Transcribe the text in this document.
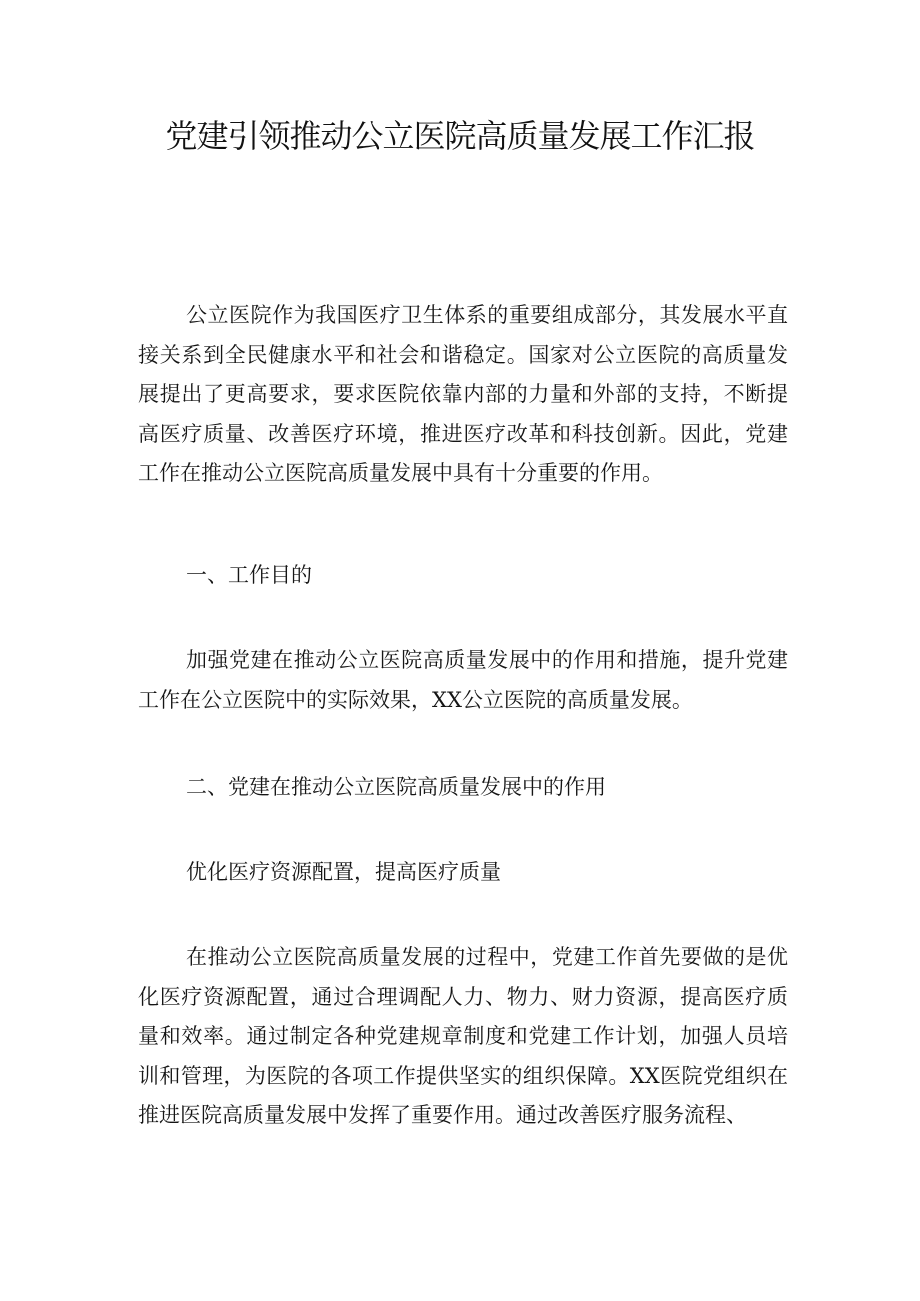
党建引领推动公立医院高质量发展工作汇报
公立医院作为我国医疗卫生体系的重要组成部分，其发展水平直接关系到全民健康水平和社会和谐稳定。国家对公立医院的高质量发展提出了更高要求，要求医院依靠内部的力量和外部的支持，不断提高医疗质量、改善医疗环境，推进医疗改革和科技创新。因此，党建工作在推动公立医院高质量发展中具有十分重要的作用。
一、工作目的
加强党建在推动公立医院高质量发展中的作用和措施，提升党建工作在公立医院中的实际效果，XX公立医院的高质量发展。
二、党建在推动公立医院高质量发展中的作用
优化医疗资源配置，提高医疗质量
在推动公立医院高质量发展的过程中，党建工作首先要做的是优化医疗资源配置，通过合理调配人力、物力、财力资源，提高医疗质量和效率。通过制定各种党建规章制度和党建工作计划，加强人员培训和管理，为医院的各项工作提供坚实的组织保障。XX医院党组织在推进医院高质量发展中发挥了重要作用。通过改善医疗服务流程、
